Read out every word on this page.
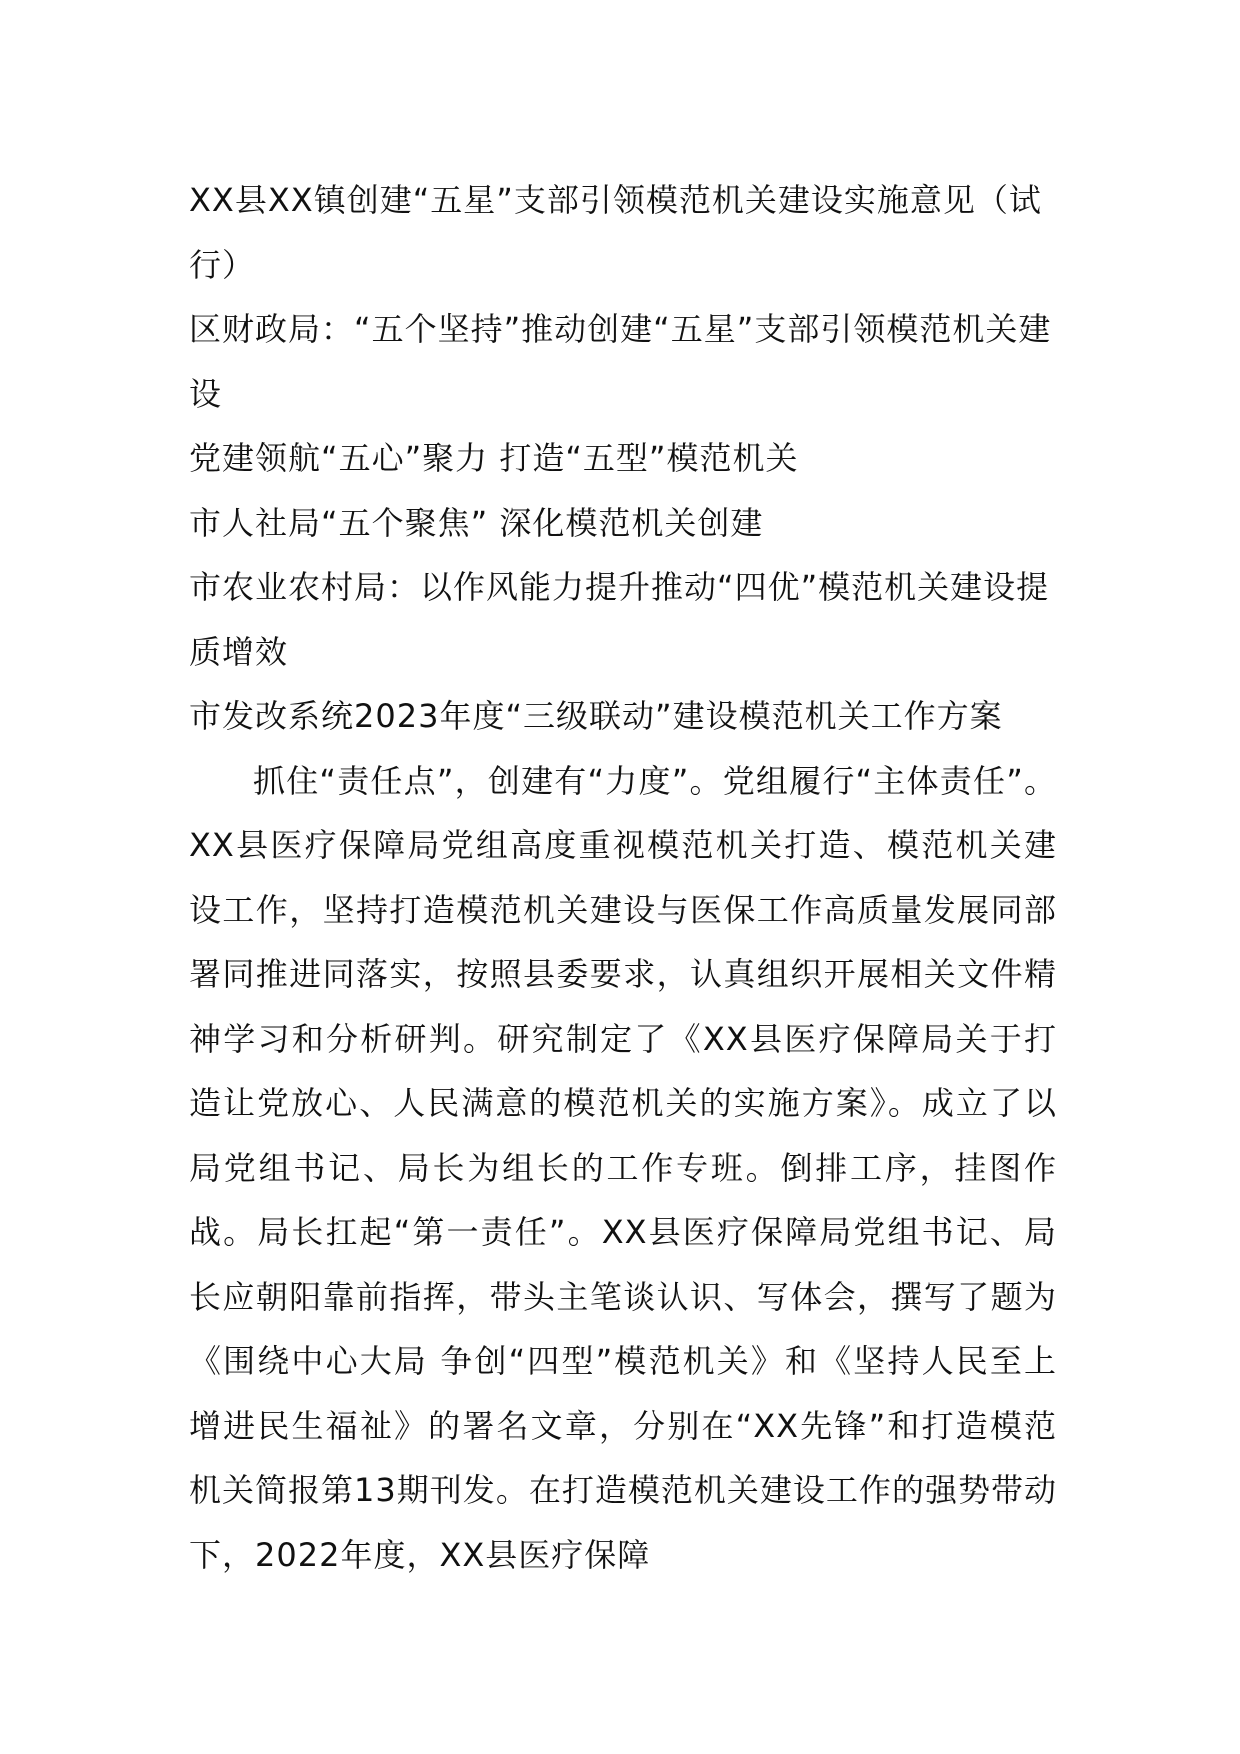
XX县XX镇创建“五星”支部引领模范机关建设实施意见（试行）
区财政局：“五个坚持”推动创建“五星”支部引领模范机关建设
党建领航“五心”聚力 打造“五型”模范机关
市人社局“五个聚焦” 深化模范机关创建
市农业农村局：以作风能力提升推动“四优”模范机关建设提质增效
市发改系统2023年度“三级联动”建设模范机关工作方案

抓住“责任点”，创建有“力度”。党组履行“主体责任”。XX县医疗保障局党组高度重视模范机关打造、模范机关建设工作，坚持打造模范机关建设与医保工作高质量发展同部署同推进同落实，按照县委要求，认真组织开展相关文件精神学习和分析研判。研究制定了《XX县医疗保障局关于打造让党放心、人民满意的模范机关的实施方案》。成立了以局党组书记、局长为组长的工作专班。倒排工序，挂图作战。局长扛起“第一责任”。XX县医疗保障局党组书记、局长应朝阳靠前指挥，带头主笔谈认识、写体会，撰写了题为《围绕中心大局 争创“四型”模范机关》和《坚持人民至上 增进民生福祉》的署名文章，分别在“XX先锋”和打造模范机关简报第13期刊发。在打造模范机关建设工作的强势带动下，2022年度，XX县医疗保障
